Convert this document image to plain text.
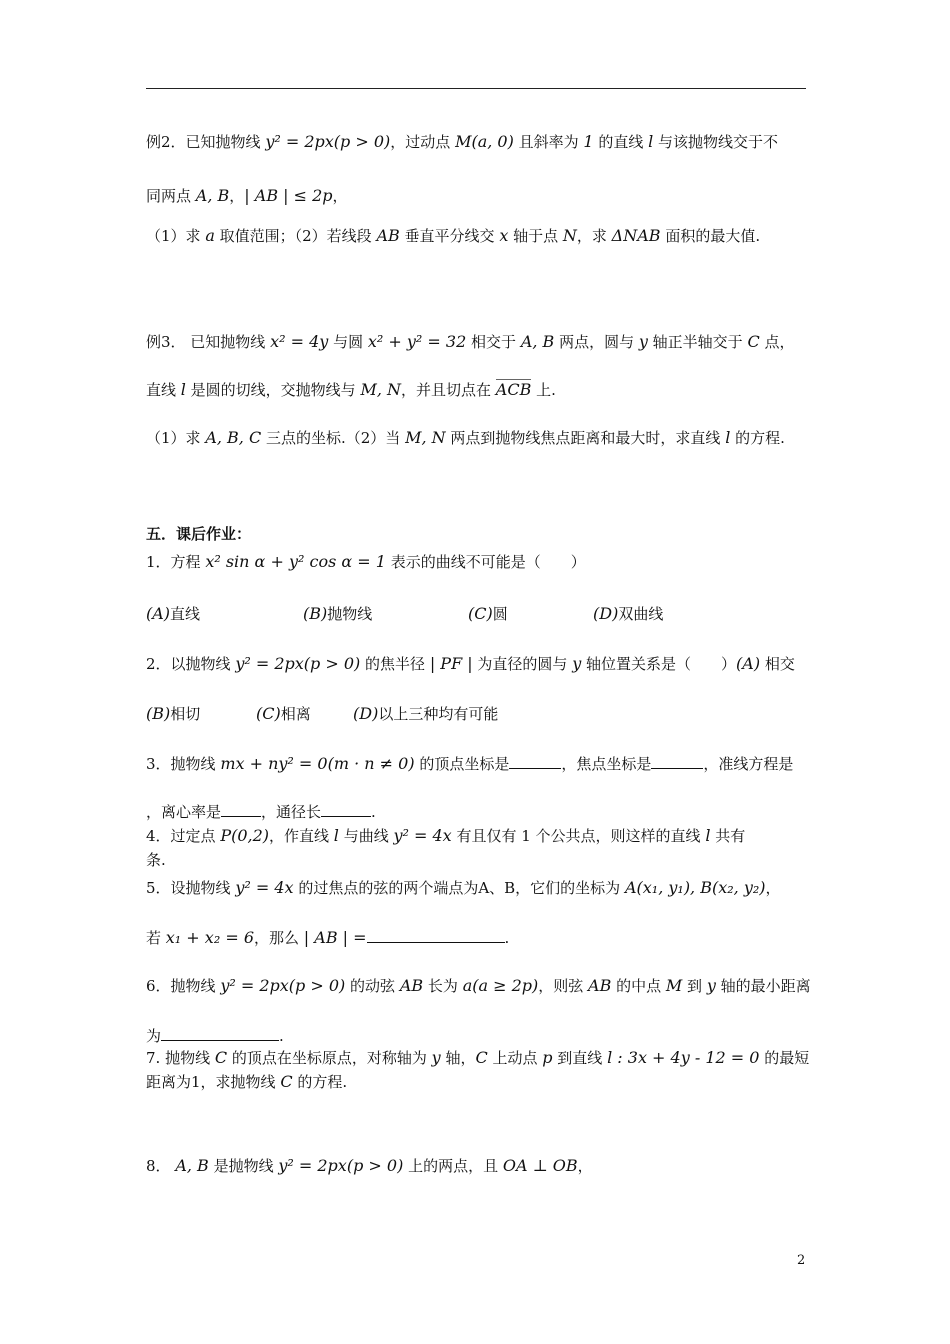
例2．已知抛物线 y² = 2px(p > 0)，过动点 M(a, 0) 且斜率为 1 的直线 l 与该抛物线交于不
同两点 A, B，| AB | ≤ 2p，
（1）求 a 取值范围；（2）若线段 AB 垂直平分线交 x 轴于点 N，求 ΔNAB 面积的最大值.
例3． 已知抛物线 x² = 4y 与圆 x² + y² = 32 相交于 A, B 两点，圆与 y 轴正半轴交于 C 点，
直线 l 是圆的切线，交抛物线与 M, N，并且切点在 ACB 上.
（1）求 A, B, C 三点的坐标.（2）当 M, N 两点到抛物线焦点距离和最大时，求直线 l 的方程.
五．课后作业：
1．方程 x² sin α + y² cos α = 1 表示的曲线不可能是（　　）
(A)直线	(B)抛物线	(C)圆	(D)双曲线
2．以抛物线 y² = 2px(p > 0) 的焦半径 | PF | 为直径的圆与 y 轴位置关系是（　　）(A) 相交
(B)相切	(C)相离	(D)以上三种均有可能
3．抛物线 mx + ny² = 0(m · n ≠ 0) 的顶点坐标是	，焦点坐标是	，准线方程是
，离心率是	，通径长	.
4．过定点 P(0,2)，作直线 l 与曲线 y² = 4x 有且仅有 1 个公共点，则这样的直线 l 共有
条.
5．设抛物线 y² = 4x 的过焦点的弦的两个端点为A、B，它们的坐标为 A(x₁, y₁), B(x₂, y₂)，
若 x₁ + x₂ = 6，那么 | AB | =	.
6．抛物线 y² = 2px(p > 0) 的动弦 AB 长为 a(a ≥ 2p)，则弦 AB 的中点 M 到 y 轴的最小距离
为	.
7. 抛物线 C 的顶点在坐标原点，对称轴为 y 轴，C 上动点 p 到直线 l : 3x + 4y - 12 = 0 的最短
距离为1，求抛物线 C 的方程.
8． A, B 是抛物线 y² = 2px(p > 0) 上的两点，且 OA ⊥ OB，
2
